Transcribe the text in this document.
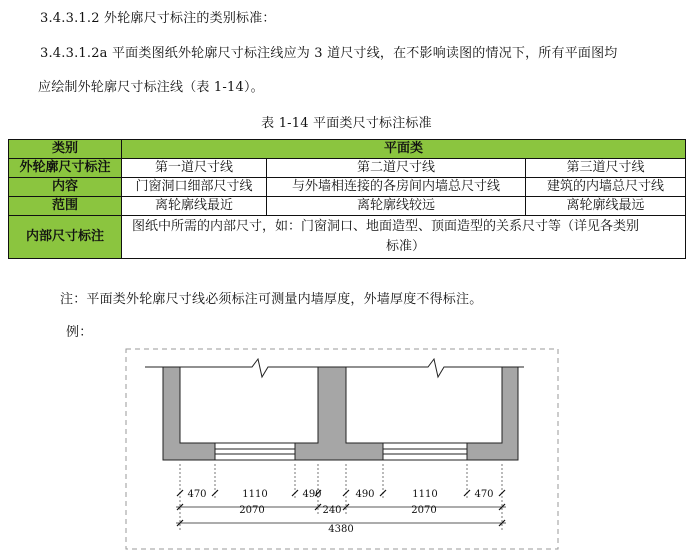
3.4.3.1.2 外轮廓尺寸标注的类别标准：
3.4.3.1.2a 平面类图纸外轮廓尺寸标注线应为 3 道尺寸线，在不影响读图的情况下，所有平面图均
应绘制外轮廓尺寸标注线（表 1-14）。
表 1-14 平面类尺寸标注标准
类别	平面类		
外轮廓尺寸标注	第一道尺寸线	第二道尺寸线	第三道尺寸线
内容	门窗洞口细部尺寸线	与外墙相连接的各房间内墙总尺寸线	建筑的内墙总尺寸线
范围	离轮廓线最近	离轮廓线较远	离轮廓线最远
内部尺寸标注	图纸中所需的内部尺寸，如：门窗洞口、地面造型、顶面造型的关系尺寸等（详见各类别
标准）		
注：平面类外轮廓尺寸线必须标注可测量内墙厚度，外墙厚度不得标注。
例：
470	1110	490	490	1110	470
2070	240	2070
4380
